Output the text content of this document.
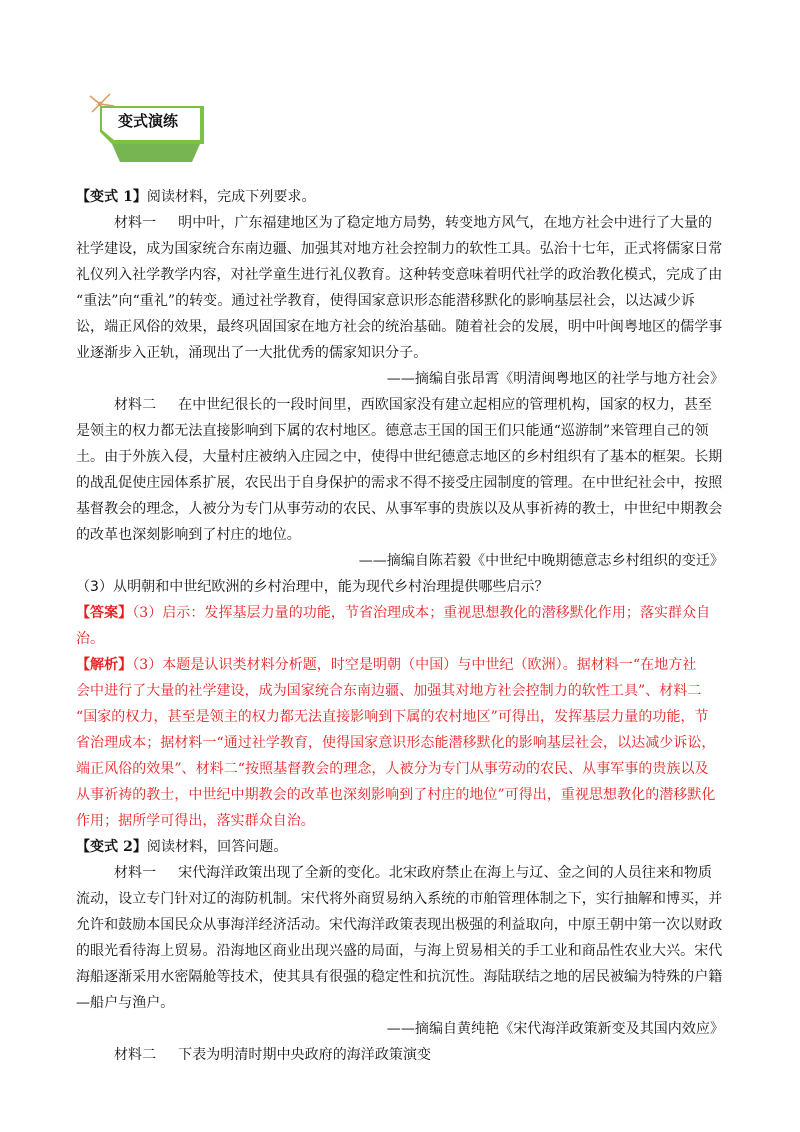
变式演练
【变式 1】阅读材料，完成下列要求。
材料一 明中叶，广东福建地区为了稳定地方局势，转变地方风气，在地方社会中进行了大量的
社学建设，成为国家统合东南边疆、加强其对地方社会控制力的软性工具。弘治十七年，正式将儒家日常
礼仪列入社学教学内容，对社学童生进行礼仪教育。这种转变意味着明代社学的政治教化模式，完成了由
“重法”向“重礼”的转变。通过社学教育，使得国家意识形态能潜移默化的影响基层社会，以达减少诉
讼，端正风俗的效果，最终巩固国家在地方社会的统治基础。随着社会的发展，明中叶闽粤地区的儒学事
业逐渐步入正轨，涌现出了一大批优秀的儒家知识分子。
——摘编自张昂霄《明清闽粤地区的社学与地方社会》
材料二 在中世纪很长的一段时间里，西欧国家没有建立起相应的管理机构，国家的权力，甚至
是领主的权力都无法直接影响到下属的农村地区。德意志王国的国王们只能通“巡游制”来管理自己的领
土。由于外族入侵，大量村庄被纳入庄园之中，使得中世纪德意志地区的乡村组织有了基本的框架。长期
的战乱促使庄园体系扩展，农民出于自身保护的需求不得不接受庄园制度的管理。在中世纪社会中，按照
基督教会的理念，人被分为专门从事劳动的农民、从事军事的贵族以及从事祈祷的教士，中世纪中期教会
的改革也深刻影响到了村庄的地位。
——摘编自陈若毅《中世纪中晚期德意志乡村组织的变迁》
（3）从明朝和中世纪欧洲的乡村治理中，能为现代乡村治理提供哪些启示？
【答案】（3）启示：发挥基层力量的功能，节省治理成本；重视思想教化的潜移默化作用；落实群众自
治。
【解析】（3）本题是认识类材料分析题，时空是明朝（中国）与中世纪（欧洲）。据材料一“在地方社
会中进行了大量的社学建设，成为国家统合东南边疆、加强其对地方社会控制力的软性工具”、材料二
“国家的权力，甚至是领主的权力都无法直接影响到下属的农村地区”可得出，发挥基层力量的功能，节
省治理成本；据材料一“通过社学教育，使得国家意识形态能潜移默化的影响基层社会，以达减少诉讼，
端正风俗的效果”、材料二“按照基督教会的理念，人被分为专门从事劳动的农民、从事军事的贵族以及
从事祈祷的教士，中世纪中期教会的改革也深刻影响到了村庄的地位”可得出，重视思想教化的潜移默化
作用；据所学可得出，落实群众自治。
【变式 2】阅读材料，回答问题。
材料一 宋代海洋政策出现了全新的变化。北宋政府禁止在海上与辽、金之间的人员往来和物质
流动，设立专门针对辽的海防机制。宋代将外商贸易纳入系统的市舶管理体制之下，实行抽解和博买，并
允许和鼓励本国民众从事海洋经济活动。宋代海洋政策表现出极强的利益取向，中原王朝中第一次以财政
的眼光看待海上贸易。沿海地区商业出现兴盛的局面，与海上贸易相关的手工业和商品性农业大兴。宋代
海船逐渐采用水密隔舱等技术，使其具有很强的稳定性和抗沉性。海陆联结之地的居民被编为特殊的户籍
—船户与渔户。
——摘编自黄纯艳《宋代海洋政策新变及其国内效应》
材料二 下表为明清时期中央政府的海洋政策演变
